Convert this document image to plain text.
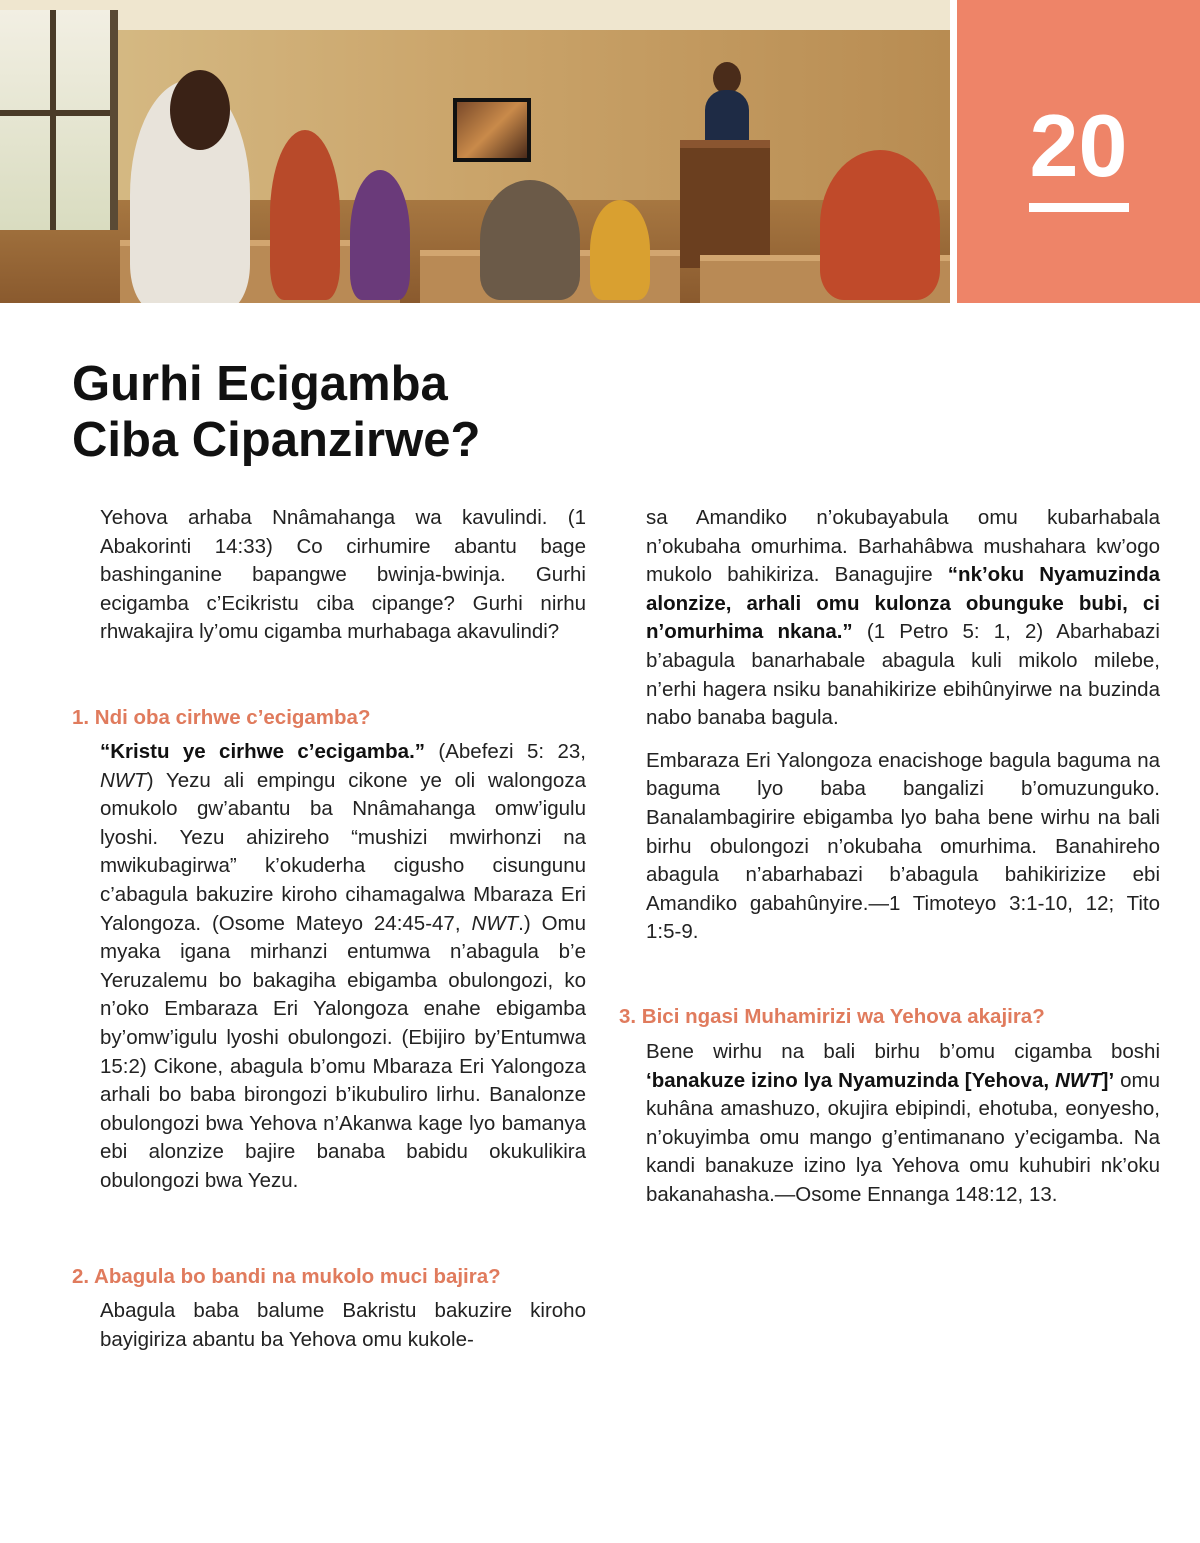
20
Gurhi Ecigamba
Ciba Cipanzirwe?

Yehova arhaba Nnâmahanga wa kavulindi. (1 Abakorinti 14:33) Co cirhumire abantu bage bashinganine bapangwe bwinja-bwinja. Gurhi ecigamba c’Ecikristu ciba cipange? Gurhi nirhu rhwakajira ly’omu cigamba murhabaga akavulindi?

1. Ndi oba cirhwe c’ecigamba?

“Kristu ye cirhwe c’ecigamba.” (Abefezi 5: 23, NWT) Yezu ali empingu cikone ye oli walongoza omukolo gw’abantu ba Nnâmahanga omw’igulu lyoshi. Yezu ahizireho “mushizi mwirhonzi na mwikubagirwa” k’okuderha cigusho cisungunu c’abagula bakuzire kiroho cihamagalwa Mbaraza Eri Yalongoza. (Osome Mateyo 24:45-47, NWT.) Omu myaka igana mirhanzi entumwa n’abagula b’e Yeruzalemu bo bakagiha ebigamba obulongozi, ko n’oko Embaraza Eri Yalongoza enahe ebigamba by’omw’igulu lyoshi obulongozi. (Ebijiro by’Entumwa 15:2) Cikone, abagula b’omu Mbaraza Eri Yalongoza arhali bo baba birongozi b’ikubuliro lirhu. Banalonze obulongozi bwa Yehova n’Akanwa kage lyo bamanya ebi alonzize bajire banaba babidu okukulikira obulongozi bwa Yezu.

2. Abagula bo bandi na mukolo muci bajira?

Abagula baba balume Bakristu bakuzire kiroho bayigiriza abantu ba Yehova omu kukole-

sa Amandiko n’okubayabula omu kubarhabala n’okubaha omurhima. Barhahâbwa mushahara kw’ogo mukolo bahikiriza. Banagujire “nk’oku Nyamuzinda alonzize, arhali omu kulonza obunguke bubi, ci n’omurhima nkana.” (1 Petro 5: 1, 2) Abarhabazi b’abagula banarhabale abagula kuli mikolo milebe, n’erhi hagera nsiku banahikirize ebihûnyirwe na buzinda nabo banaba bagula.

Embaraza Eri Yalongoza enacishoge bagula baguma na baguma lyo baba bangalizi b’omuzunguko. Banalambagirire ebigamba lyo baha bene wirhu na bali birhu obulongozi n’okubaha omurhima. Banahireho abagula n’abarhabazi b’abagula bahikirizize ebi Amandiko gabahûnyire.—1 Timoteyo 3:1-10, 12; Tito 1:5-9.

3. Bici ngasi Muhamirizi wa Yehova akajira?

Bene wirhu na bali birhu b’omu cigamba boshi ‘banakuze izino lya Nyamuzinda [Yehova, NWT]’ omu kuhâna amashuzo, okujira ebipindi, ehotuba, eonyesho, n’okuyimba omu mango g’entimanano y’ecigamba. Na kandi banakuze izino lya Yehova omu kuhubiri nk’oku bakanahasha.—Osome Ennanga 148:12, 13.
